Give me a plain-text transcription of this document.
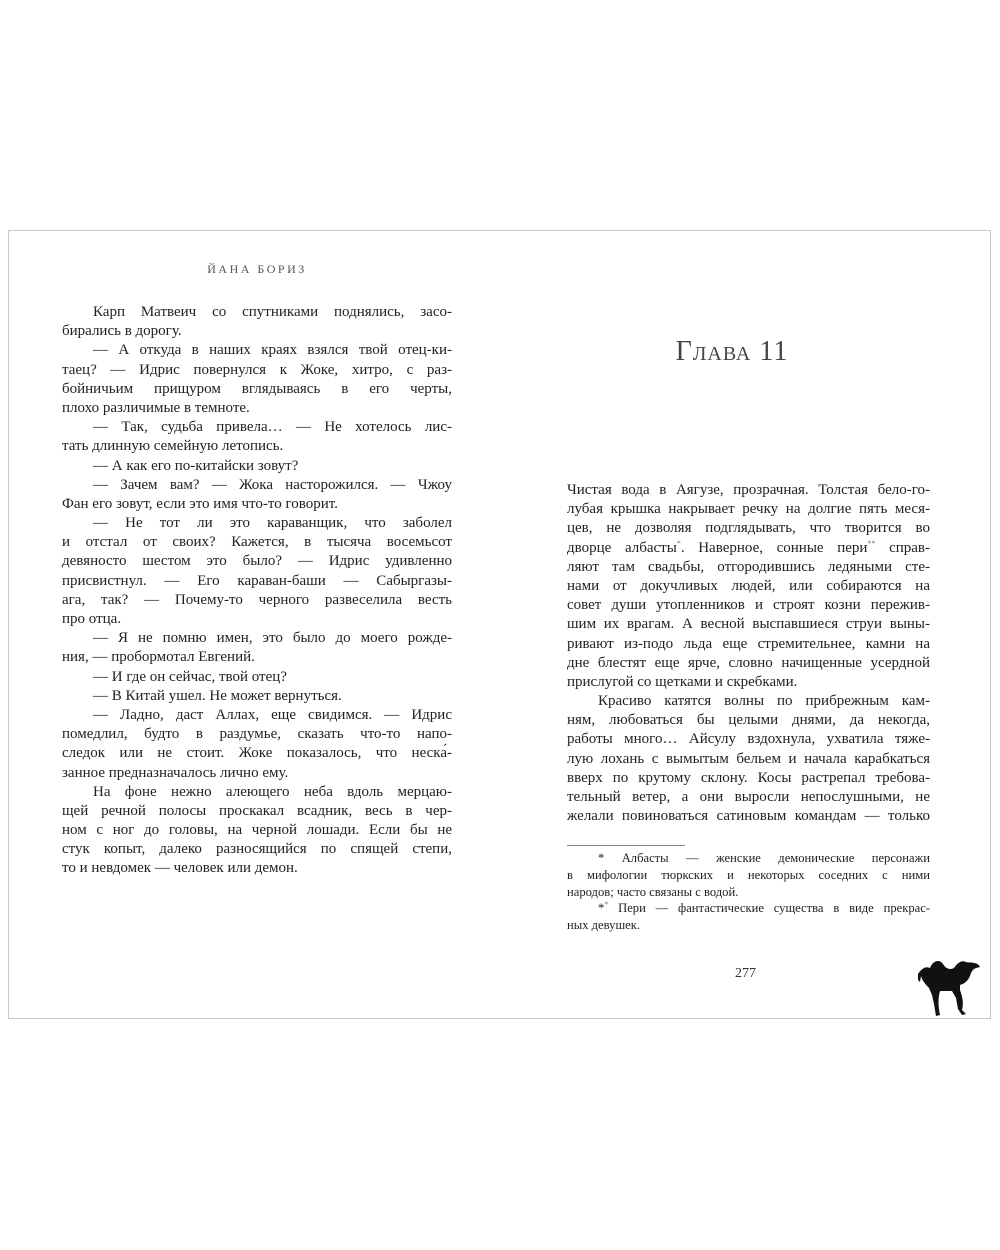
ЙАНА БОРИЗ
Карп Матвеич со спутниками поднялись, засо-
бирались в дорогу.
— А откуда в наших краях взялся твой отец-ки-
таец? — Идрис повернулся к Жоке, хитро, с раз-
бойничьим прищуром вглядываясь в его черты,
плохо различимые в темноте.
— Так, судьба привела… — Не хотелось лис-
тать длинную семейную летопись.
— А как его по-китайски зовут?
— Зачем вам? — Жока насторожился. — Чжоу
Фан его зовут, если это имя что-то говорит.
— Не тот ли это караванщик, что заболел
и отстал от своих? Кажется, в тысяча восемьсот
девяносто шестом это было? — Идрис удивленно
присвистнул. — Его караван-баши — Сабыргазы-
ага, так? — Почему-то черного развеселила весть
про отца.
— Я не помню имен, это было до моего рожде-
ния, — пробормотал Евгений.
— И где он сейчас, твой отец?
— В Китай ушел. Не может вернуться.
— Ладно, даст Аллах, еще свидимся. — Идрис
помедлил, будто в раздумье, сказать что-то напо-
следок или не стоит. Жоке показалось, что неска́-
занное предназначалось лично ему.
На фоне нежно алеющего неба вдоль мерцаю-
щей речной полосы проскакал всадник, весь в чер-
ном с ног до головы, на черной лошади. Если бы не
стук копыт, далеко разносящийся по спящей степи,
то и невдомек — человек или демон.
Глава 11
Чистая вода в Аягузе, прозрачная. Толстая бело-го-
лубая крышка накрывает речку на долгие пять меся-
цев, не дозволяя подглядывать, что творится во
дворце албасты*. Наверное, сонные пери** справ-
ляют там свадьбы, отгородившись ледяными сте-
нами от докучливых людей, или собираются на
совет души утопленников и строят козни пережив-
шим их врагам. А весной выспавшиеся струи выны-
ривают из-подо льда еще стремительнее, камни на
дне блестят еще ярче, словно начищенные усердной
прислугой со щетками и скребками.
Красиво катятся волны по прибрежным кам-
ням, любоваться бы целыми днями, да некогда,
работы много… Айсулу вздохнула, ухватила тяже-
лую лохань с вымытым бельем и начала карабкаться
вверх по крутому склону. Косы растрепал требова-
тельный ветер, а они выросли непослушными, не
желали повиноваться сатиновым командам — только
* Албасты — женские демонические персонажи
в мифологии тюркских и некоторых соседних с ними
народов; часто связаны с водой.
** Пери — фантастические существа в виде прекрас-
ных девушек.
277
